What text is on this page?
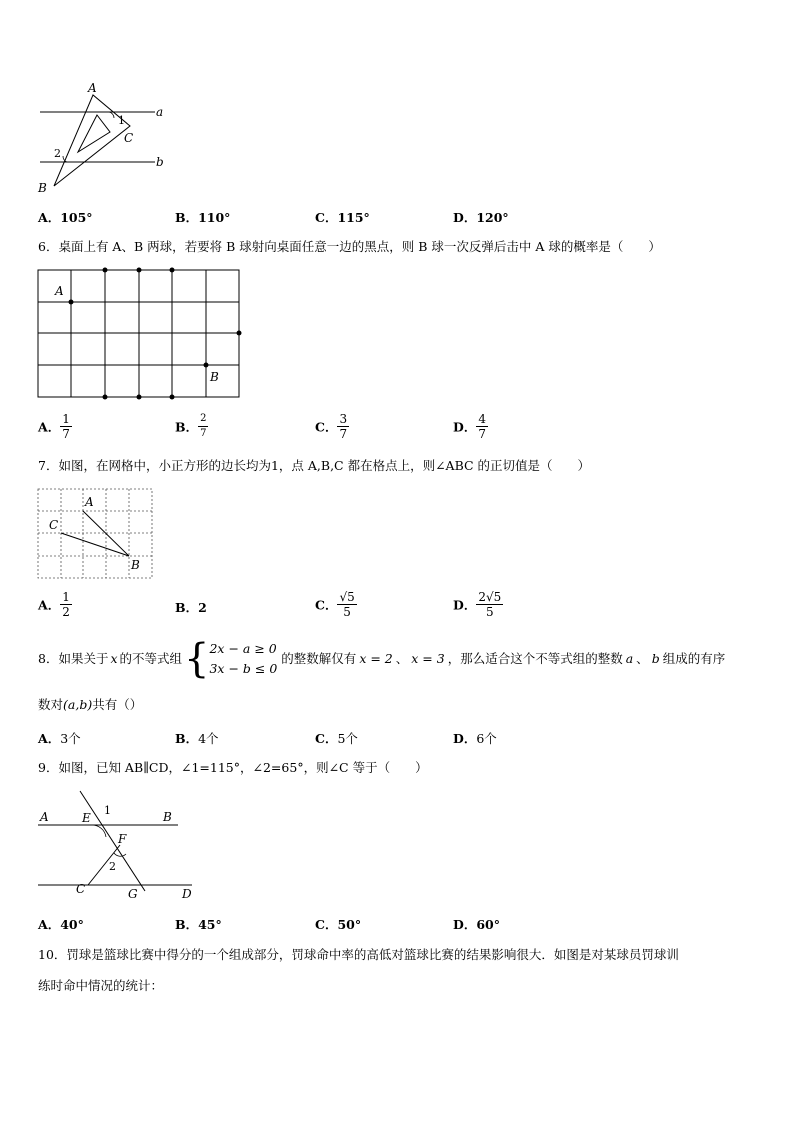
A
B
C
a
b
1
2
A．105°	B．110°	C．115°	D．120°
6．桌面上有 A、B 两球，若要将 B 球射向桌面任意一边的黑点，则 B 球一次反弹后击中 A 球的概率是（　　）
A
B
A． $\frac{1}{7}$	B． $\frac{2}{7}$	C． $\frac{3}{7}$	D． $\frac{4}{7}$
7．如图，在网格中，小正方形的边长均为1，点 A,B,C 都在格点上，则∠ABC 的正切值是（　　）
A
B
C
A． $\frac{1}{2}$	B．2	C． $\frac{√5}{5}$	D． $\frac{2√5}{5}$
8．如果关于 x 的不等式组 { 2x − a ≥ 0
3x − b ≤ 0
的整数解仅有 x = 2 、 x = 3 ，那么适合这个不等式组的整数 a 、 b 组成的有序
数对(a,b)共有（）
A．3个	B．4个	C．5个	D．6个
9．如图，已知 AB∥CD，∠1=115°，∠2=65°，则∠C 等于（　　）
A	B
C	D
E
F
G
1
2
A．40°	B．45°	C．50°	D．60°
10．罚球是篮球比赛中得分的一个组成部分，罚球命中率的高低对篮球比赛的结果影响很大．如图是对某球员罚球训
练时命中情况的统计：
